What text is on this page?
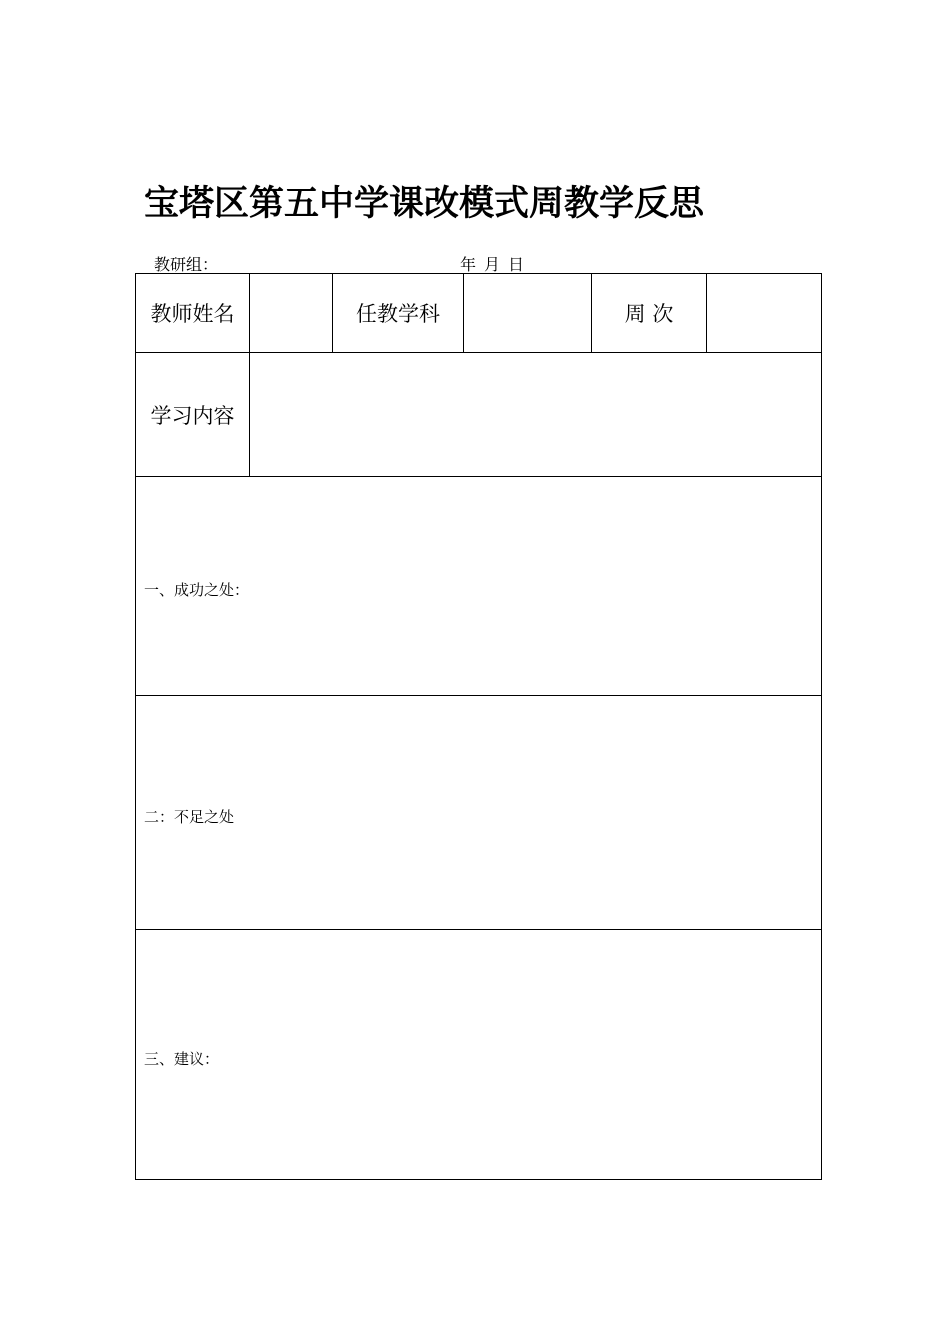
宝塔区第五中学课改模式周教学反思
教研组：	年 月 日
教师姓名		任教学科		周 次	
学习内容					

一、成功之处：					

二：不足之处					

三、建议：					
